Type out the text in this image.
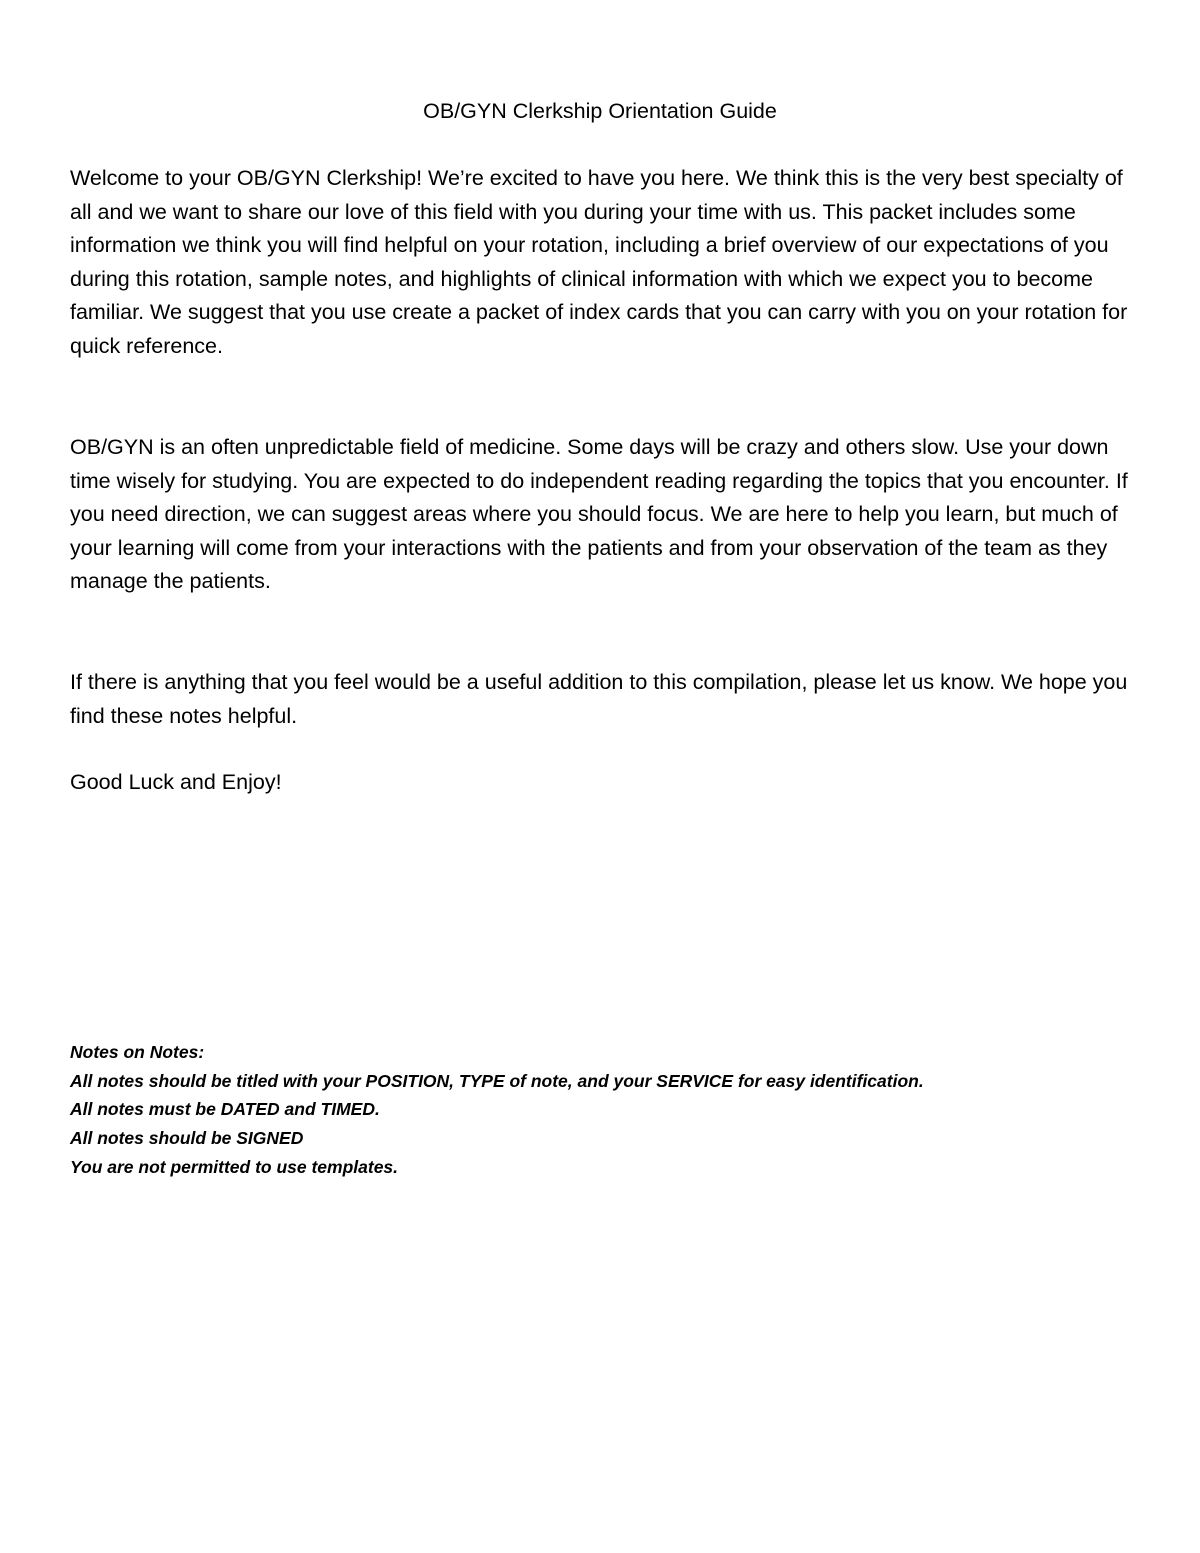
OB/GYN Clerkship Orientation Guide

Welcome to your OB/GYN Clerkship! We’re excited to have you here. We think this is the very best specialty of all and we want to share our love of this field with you during your time with us. This packet includes some information we think you will find helpful on your rotation, including a brief overview of our expectations of you during this rotation, sample notes, and highlights of clinical information with which we expect you to become familiar. We suggest that you use create a packet of index cards that you can carry with you on your rotation for quick reference.

OB/GYN is an often unpredictable field of medicine. Some days will be crazy and others slow. Use your down time wisely for studying. You are expected to do independent reading regarding the topics that you encounter. If you need direction, we can suggest areas where you should focus. We are here to help you learn, but much of your learning will come from your interactions with the patients and from your observation of the team as they manage the patients.

If there is anything that you feel would be a useful addition to this compilation, please let us know. We hope you find these notes helpful.

Good Luck and Enjoy!

Notes on Notes:
All notes should be titled with your POSITION, TYPE of note, and your SERVICE for easy identification.
All notes must be DATED and TIMED.
All notes should be SIGNED
You are not permitted to use templates.
